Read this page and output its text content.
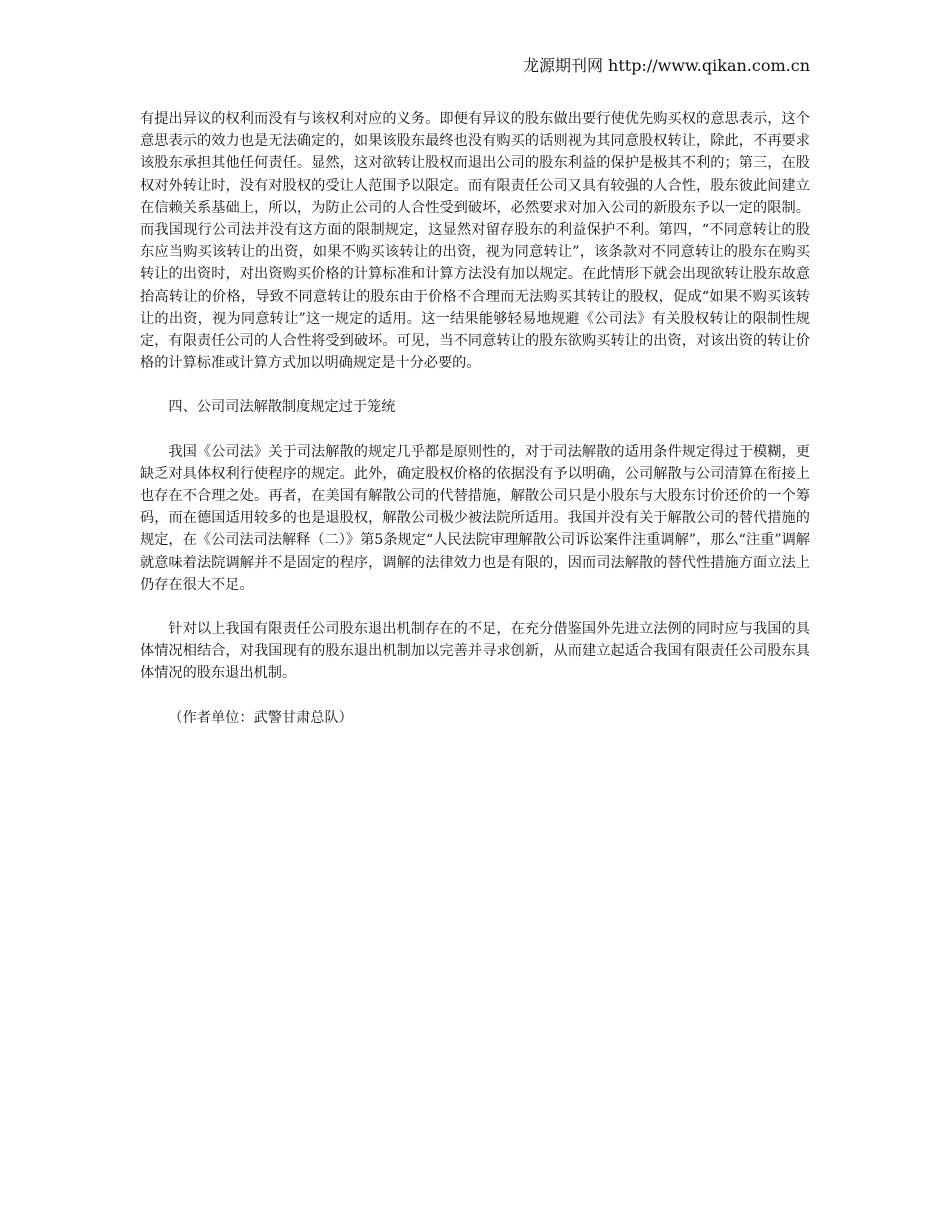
龙源期刊网 http://www.qikan.com.cn

有提出异议的权利而没有与该权利对应的义务。即便有异议的股东做出要行使优先购买权的意思表示，这个意思表示的效力也是无法确定的，如果该股东最终也没有购买的话则视为其同意股权转让，除此，不再要求该股东承担其他任何责任。显然，这对欲转让股权而退出公司的股东利益的保护是极其不利的；第三，在股权对外转让时，没有对股权的受让人范围予以限定。而有限责任公司又具有较强的人合性，股东彼此间建立在信赖关系基础上，所以，为防止公司的人合性受到破坏，必然要求对加入公司的新股东予以一定的限制。而我国现行公司法并没有这方面的限制规定，这显然对留存股东的利益保护不利。第四，“不同意转让的股东应当购买该转让的出资，如果不购买该转让的出资，视为同意转让”，该条款对不同意转让的股东在购买转让的出资时，对出资购买价格的计算标准和计算方法没有加以规定。在此情形下就会出现欲转让股东故意抬高转让的价格，导致不同意转让的股东由于价格不合理而无法购买其转让的股权，促成“如果不购买该转让的出资，视为同意转让”这一规定的适用。这一结果能够轻易地规避《公司法》有关股权转让的限制性规定，有限责任公司的人合性将受到破坏。可见，当不同意转让的股东欲购买转让的出资，对该出资的转让价格的计算标准或计算方式加以明确规定是十分必要的。

四、公司司法解散制度规定过于笼统

我国《公司法》关于司法解散的规定几乎都是原则性的，对于司法解散的适用条件规定得过于模糊，更缺乏对具体权利行使程序的规定。此外，确定股权价格的依据没有予以明确，公司解散与公司清算在衔接上也存在不合理之处。再者，在美国有解散公司的代替措施，解散公司只是小股东与大股东讨价还价的一个筹码，而在德国适用较多的也是退股权，解散公司极少被法院所适用。我国并没有关于解散公司的替代措施的规定，在《公司法司法解释（二）》第5条规定“人民法院审理解散公司诉讼案件注重调解”，那么“注重”调解就意味着法院调解并不是固定的程序，调解的法律效力也是有限的，因而司法解散的替代性措施方面立法上仍存在很大不足。

针对以上我国有限责任公司股东退出机制存在的不足，在充分借鉴国外先进立法例的同时应与我国的具体情况相结合，对我国现有的股东退出机制加以完善并寻求创新，从而建立起适合我国有限责任公司股东具体情况的股东退出机制。

（作者单位：武警甘肃总队）
